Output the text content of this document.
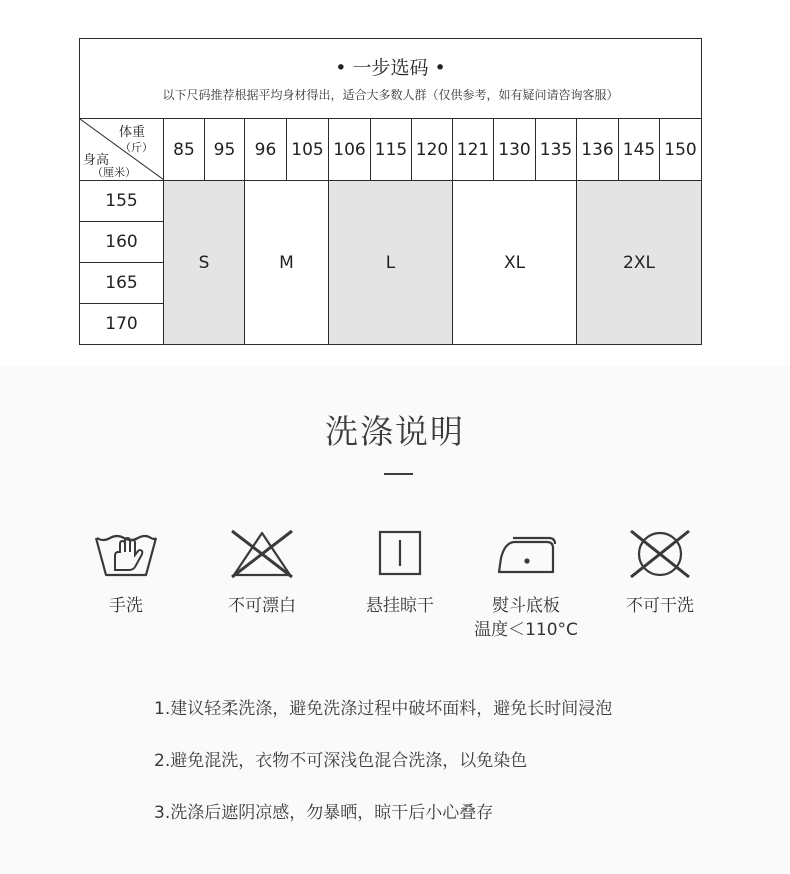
• 一步选码 •
以下尺码推荐根据平均身材得出，适合大多数人群（仅供参考，如有疑问请咨询客服）													

体重
（斤）
身高
（厘米）	85	95	96	105	106	115	120	121	130	135	136	145	150
155	S		M		L			XL			2XL		
160													
165													
170													
洗涤说明
手洗	不可漂白	悬挂晾干	熨斗底板
温度＜110°C
不可干洗
1.建议轻柔洗涤，避免洗涤过程中破坏面料，避免长时间浸泡
2.避免混洗，衣物不可深浅色混合洗涤，以免染色
3.洗涤后遮阴凉感，勿暴晒，晾干后小心叠存
